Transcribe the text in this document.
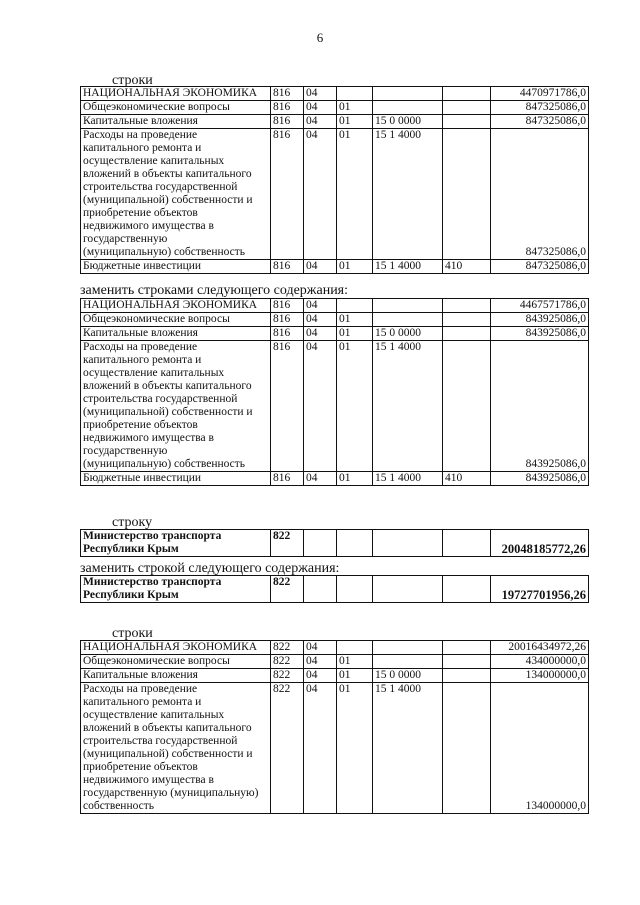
6
строки
НАЦИОНАЛЬНАЯ ЭКОНОМИКА	816	04				4470971786,0
Общеэкономические вопросы	816	04	01			847325086,0
Капитальные вложения	816	04	01	15 0 0000		847325086,0

Расходы на проведение капитального ремонта и осуществление капитальных вложений в объекты капитального строительства государственной (муниципальной) собственности и приобретение объектов недвижимого имущества в государственную (муниципальную) собственность	816	04	01	15 1 4000		847325086,0
Бюджетные инвестиции	816	04	01	15 1 4000	410	847325086,0
заменить строками следующего содержания:
НАЦИОНАЛЬНАЯ ЭКОНОМИКА	816	04				4467571786,0
Общеэкономические вопросы	816	04	01			843925086,0
Капитальные вложения	816	04	01	15 0 0000		843925086,0

Расходы на проведение капитального ремонта и осуществление капитальных вложений в объекты капитального строительства государственной (муниципальной) собственности и приобретение объектов недвижимого имущества в государственную (муниципальную) собственность	816	04	01	15 1 4000		843925086,0
Бюджетные инвестиции	816	04	01	15 1 4000	410	843925086,0
строку
Министерство транспорта Республики Крым	822					20048185772,26
заменить строкой следующего содержания:
Министерство транспорта Республики Крым	822					19727701956,26
строки
НАЦИОНАЛЬНАЯ ЭКОНОМИКА	822	04				20016434972,26
Общеэкономические вопросы	822	04	01			434000000,0
Капитальные вложения	822	04	01	15 0 0000		134000000,0

Расходы на проведение капитального ремонта и осуществление капитальных вложений в объекты капитального строительства государственной (муниципальной) собственности и приобретение объектов недвижимого имущества в государственную (муниципальную) собственность	822	04	01	15 1 4000		134000000,0
